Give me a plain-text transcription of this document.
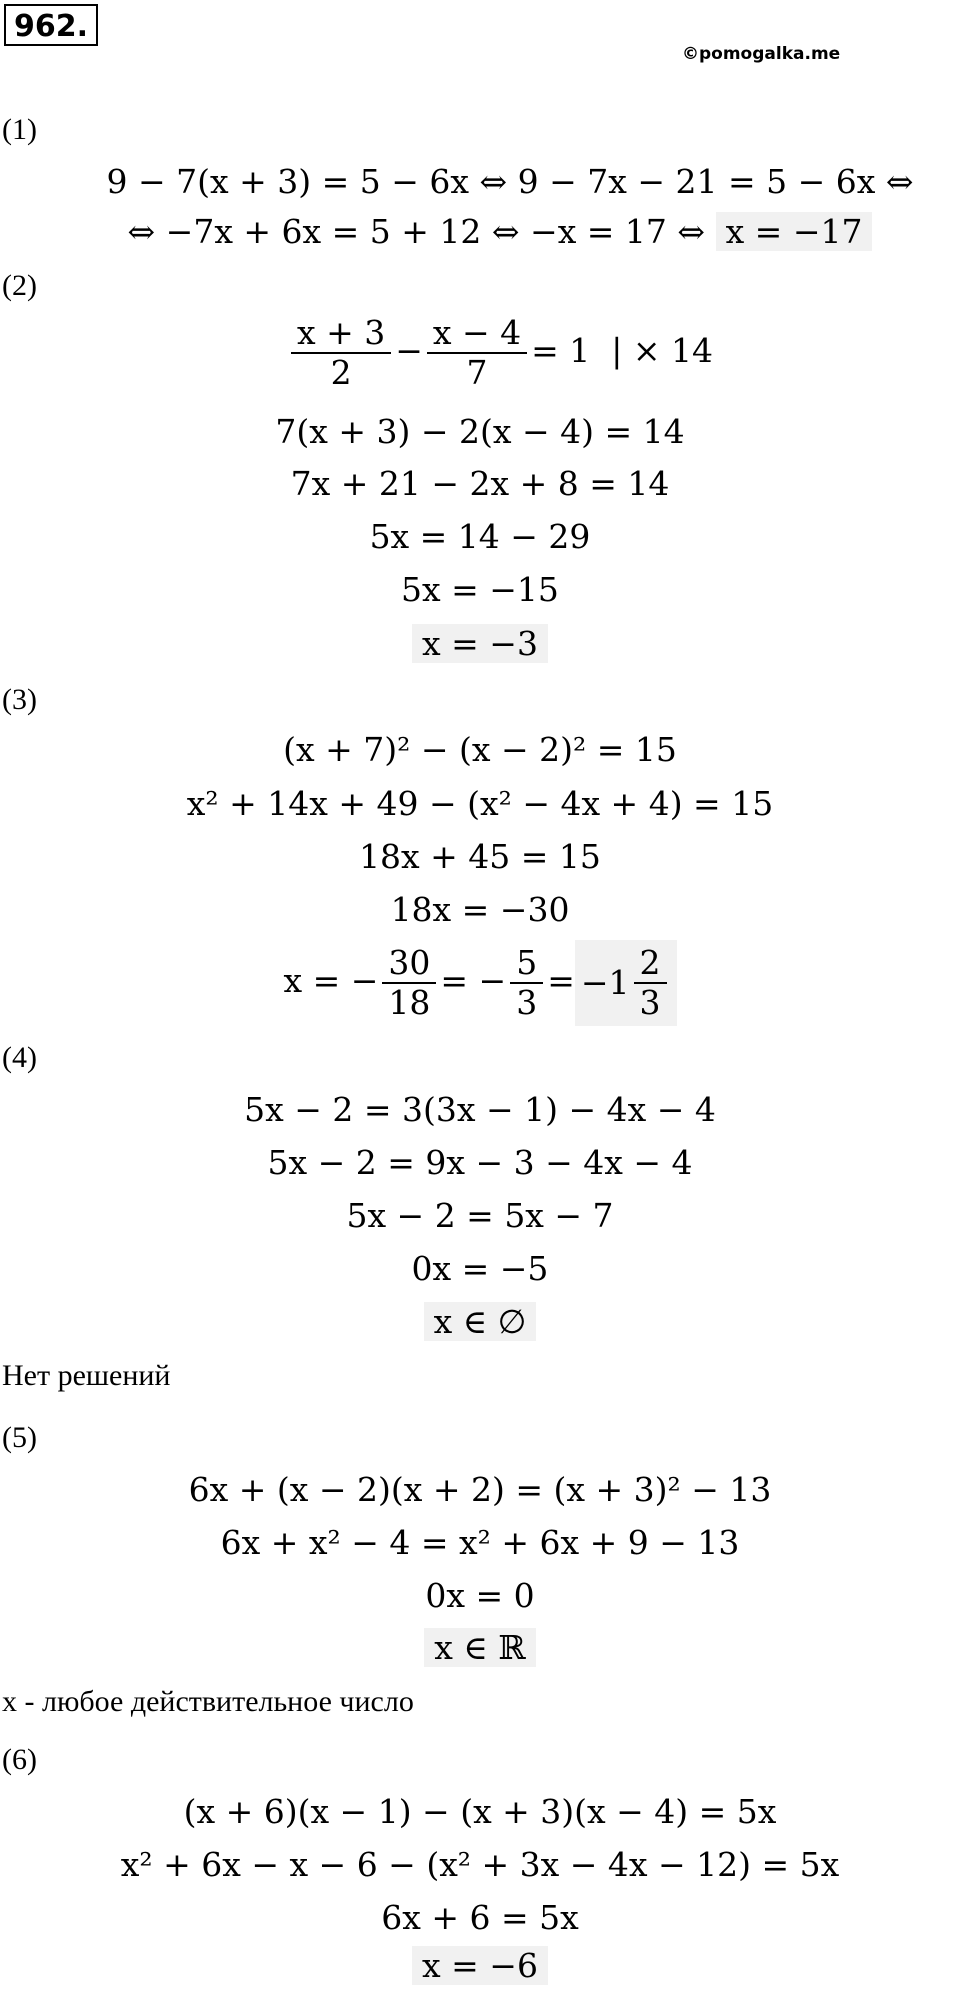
962.
©pomogalka.me
(1)
9 − 7(x + 3) = 5 − 6x ⇔ 9 − 7x − 21 = 5 − 6x ⇔
⇔ −7x + 6x = 5 + 12 ⇔ −x = 17 ⇔ x = −17
(2)
$\frac{x + 3}{2} - \frac{x - 4}{7} = 1$  | × 14
7(x + 3) − 2(x − 4) = 14
7x + 21 − 2x + 8 = 14
5x = 14 − 29
5x = −15
x = −3
(3)
(x + 7)² − (x − 2)² = 15
x² + 14x + 49 − (x² − 4x + 4) = 15
18x + 45 = 15
18x = −30
x = − $\frac{30}{18}$ = − $\frac{5}{3} = -1 \frac{2}{3}$
(4)
5x − 2 = 3(3x − 1) − 4x − 4
5x − 2 = 9x − 3 − 4x − 4
5x − 2 = 5x − 7
0x = −5
x ∈ ∅
Нет решений
(5)
6x + (x − 2)(x + 2) = (x + 3)² − 13
6x + x² − 4 = x² + 6x + 9 − 13
0x = 0
x ∈ ℝ
x - любое действительное число
(6)
(x + 6)(x − 1) − (x + 3)(x − 4) = 5x
x² + 6x − x − 6 − (x² + 3x − 4x − 12) = 5x
6x + 6 = 5x
x = −6
